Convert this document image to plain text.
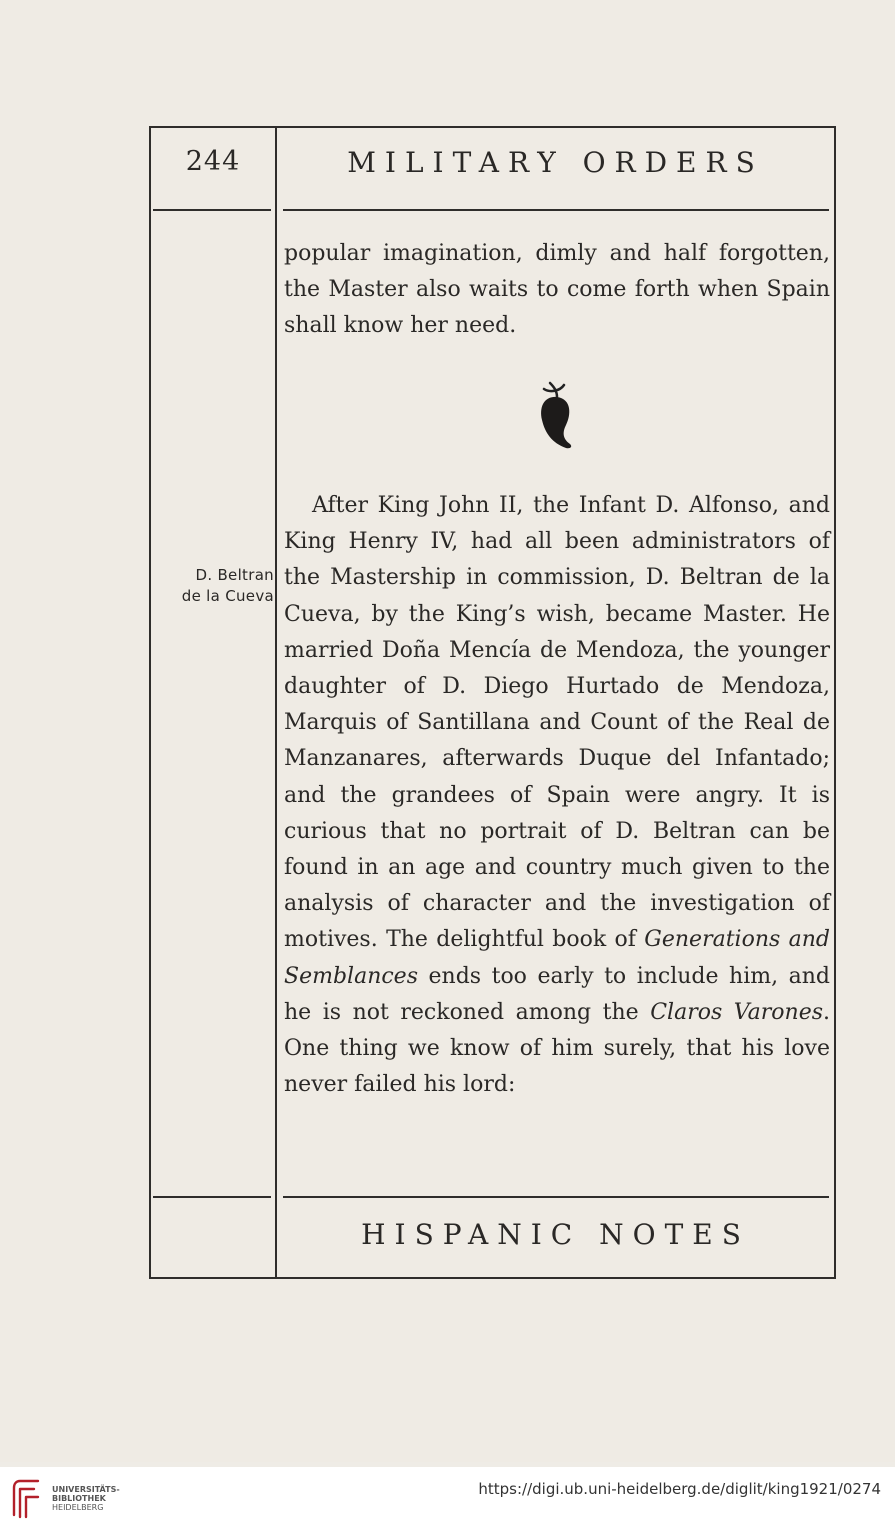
244	MILITARY ORDERS
D. Beltran
de la Cueva

popular imagination, dimly and half forgotten, the Master also waits to come forth when Spain shall know her need.

After King John II, the Infant D. Alfonso, and King Henry IV, had all been administrators of the Mastership in commission, D. Beltran de la Cueva, by the King’s wish, became Master. He married Doña Mencía de Mendoza, the younger daughter of D. Diego Hurtado de Mendoza, Marquis of Santillana and Count of the Real de Manzanares, afterwards Duque del Infantado; and the grandees of Spain were angry. It is curious that no portrait of D. Beltran can be found in an age and country much given to the analysis of character and the investigation of motives. The delightful book of Generations and Semblances ends too early to include him, and he is not reckoned among the Claros Varones. One thing we know of him surely, that his love never failed his lord:

HISPANIC NOTES
UNIVERSITÄTS-
BIBLIOTHEK
HEIDELBERG
https://digi.ub.uni-heidelberg.de/diglit/king1921/0274
